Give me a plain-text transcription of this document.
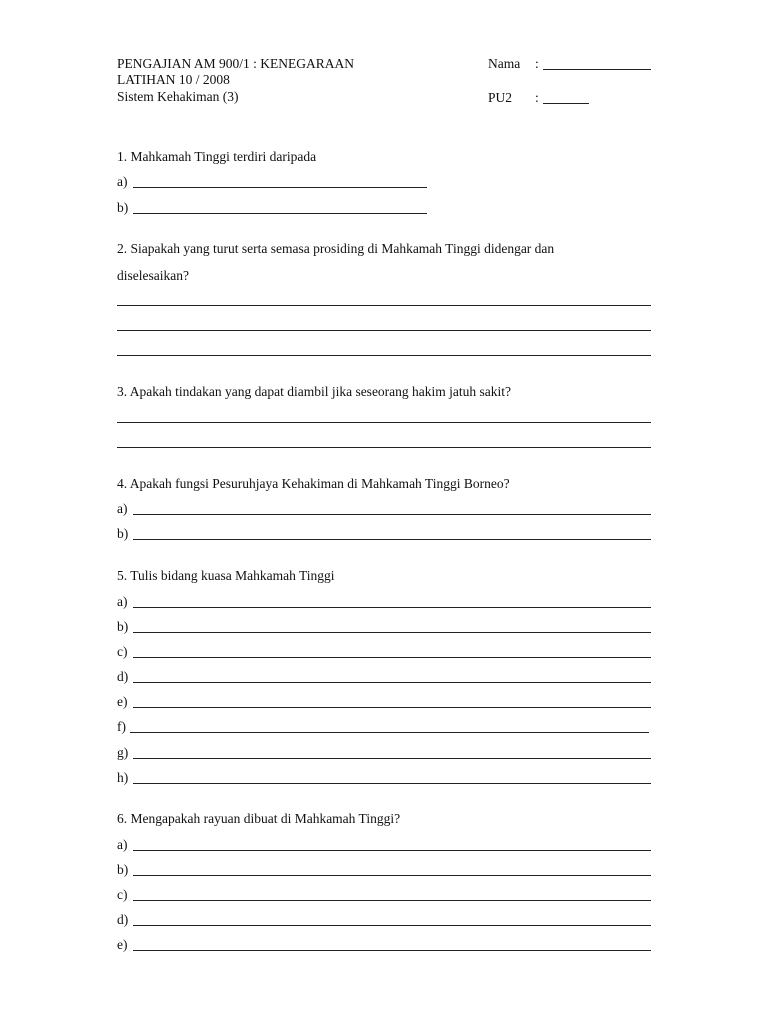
PENGAJIAN AM 900/1 : KENEGARAAN
LATIHAN 10 / 2008
Sistem Kehakiman (3)
Nama :
PU2 :
1. Mahkamah Tinggi terdiri daripada
a)
b)
2. Siapakah yang turut serta semasa prosiding di Mahkamah Tinggi didengar dan
diselesaikan?
3. Apakah tindakan yang dapat diambil jika seseorang hakim jatuh sakit?
4. Apakah fungsi Pesuruhjaya Kehakiman di Mahkamah Tinggi Borneo?
a)
b)
5. Tulis bidang kuasa Mahkamah Tinggi
a)
b)
c)
d)
e)
f)
g)
h)
6. Mengapakah rayuan dibuat di Mahkamah Tinggi?
a)
b)
c)
d)
e)
